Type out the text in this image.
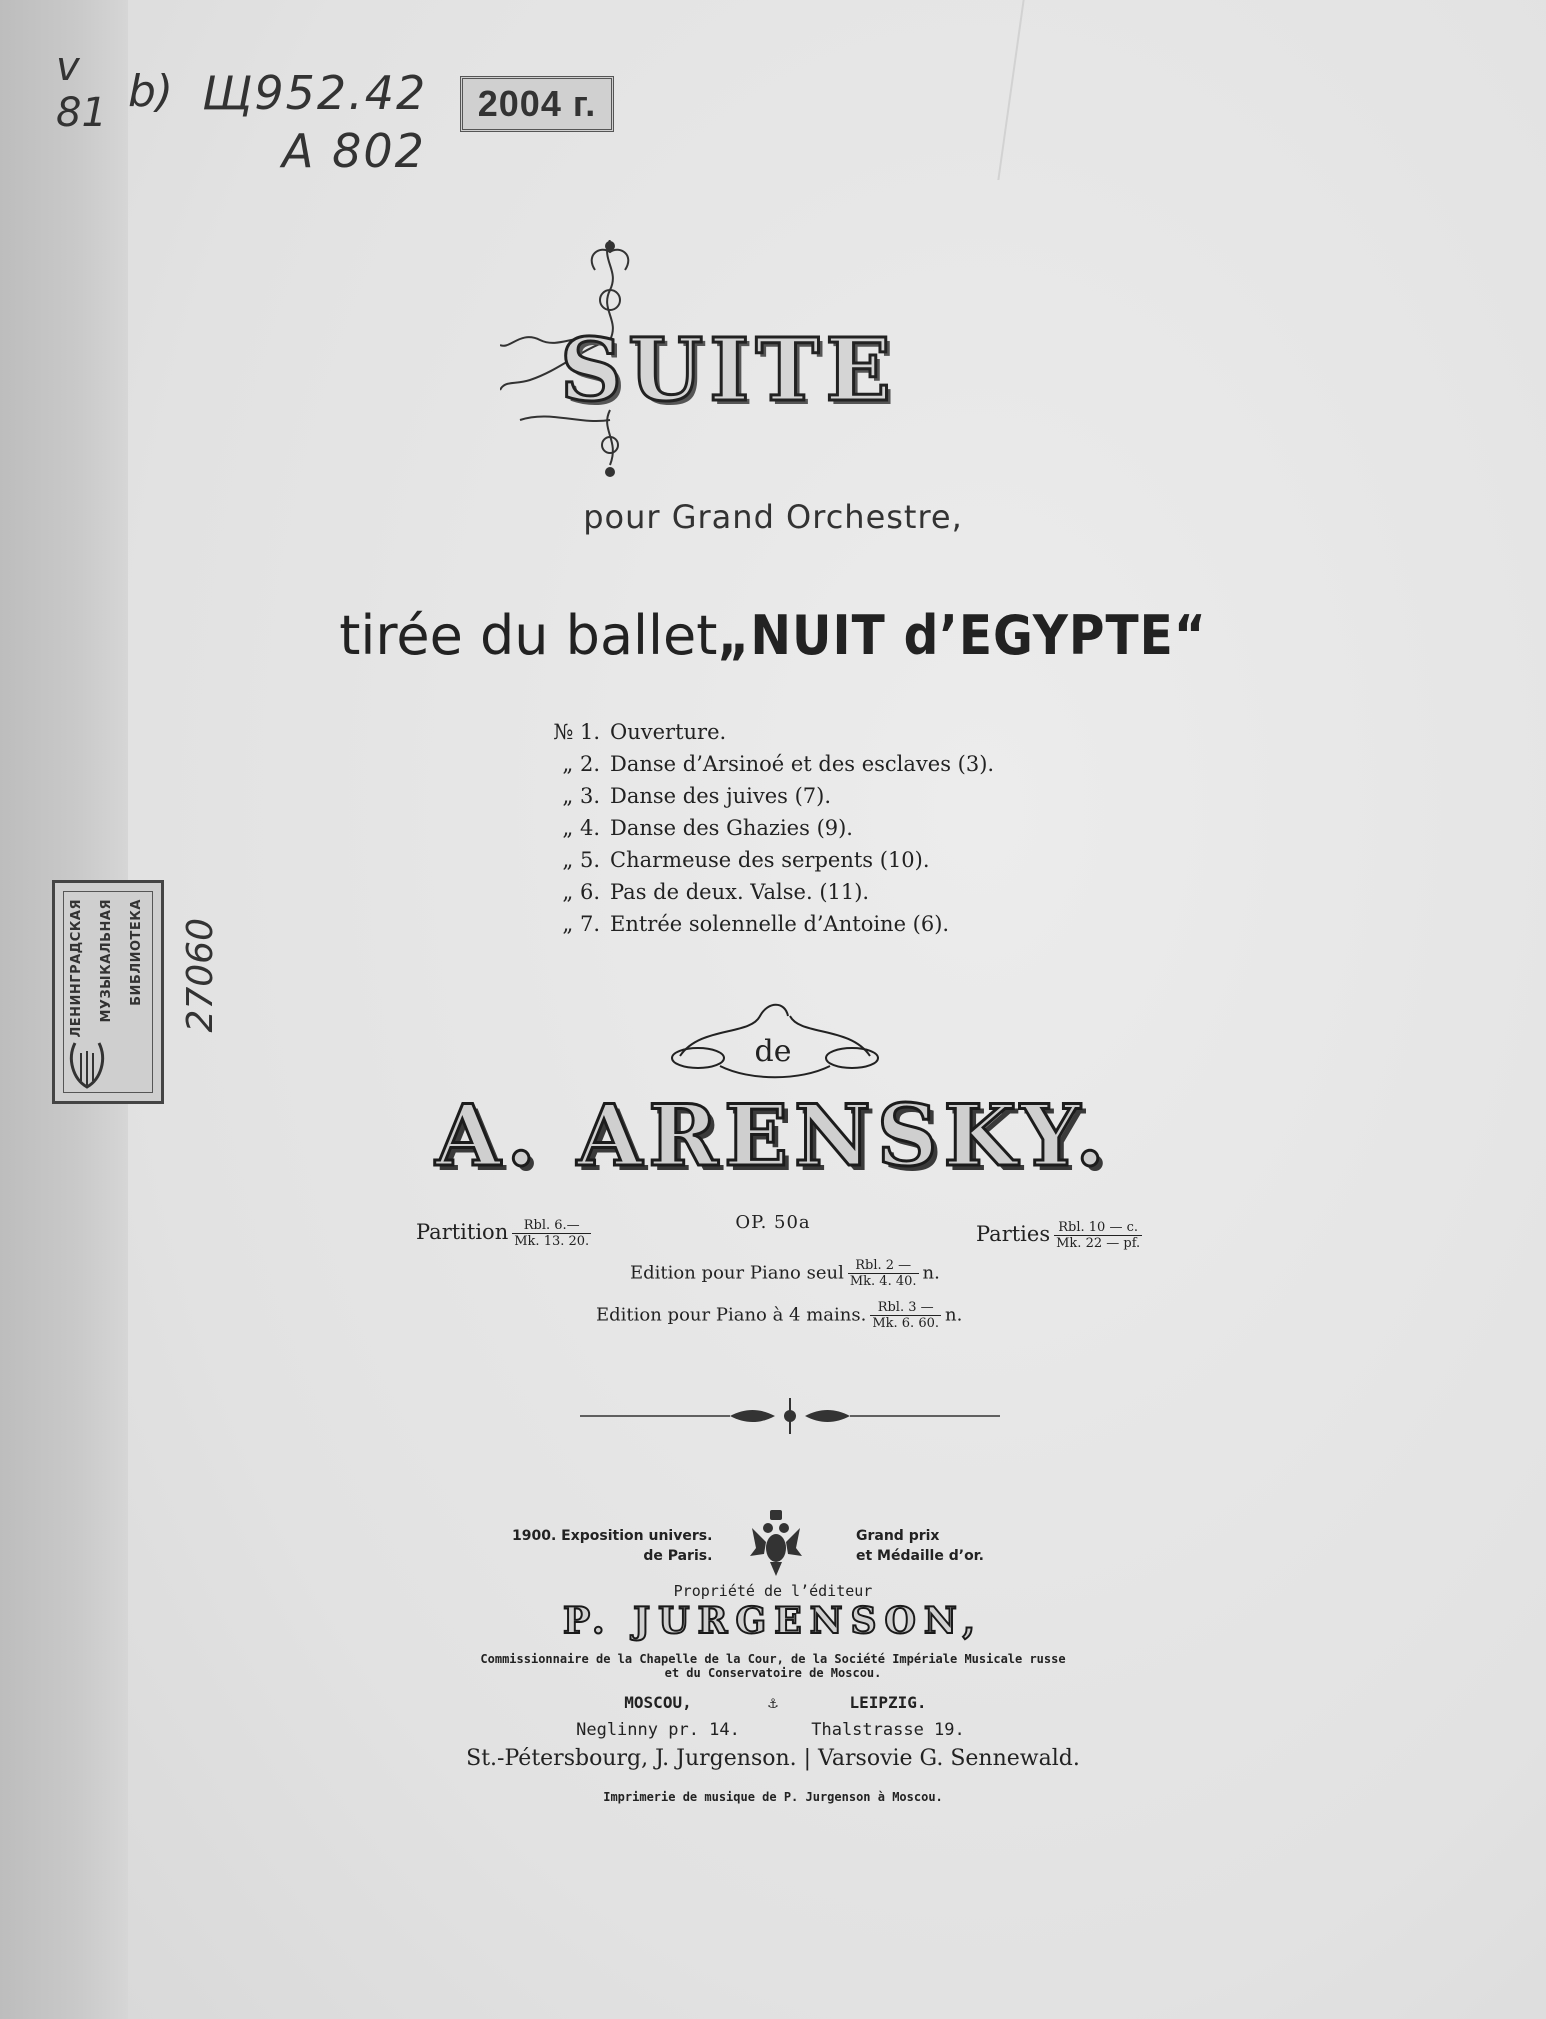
v
81 b) Щ952.42
A 802
2004 г.
SUITE
pour Grand Orchestre,
tirée du ballet„NUIT d’EGYPTE“
№ 1. Ouverture.
„ 2. Danse d’Arsinoé et des esclaves (3).
„ 3. Danse des juives (7).
„ 4. Danse des Ghazies (9).
„ 5. Charmeuse des serpents (10).
„ 6. Pas de deux. Valse. (11).
„ 7. Entrée solennelle d’Antoine (6).
ЛЕНИНГРАДСКАЯ МУЗЫКАЛЬНАЯ БИБЛИОТЕКА 27060
de
A. ARENSKY.
OP. 50a
Partition $\frac{\text{Rbl. 6.—}}{Mk. 13. 20.}$	Parties $\frac{\text{Rbl. 10 — c.}}{Mk. 22 — pf.}$
Edition pour Piano seul $\frac{\text{Rbl. 2 —}}{Mk. 4. 40.} n$.
Edition pour Piano à 4 mains. $\frac{\text{Rbl. 3 —}}{Mk. 6. 60.} n$.
1900. Exposition univers.
de Paris.
Grand prix
et Médaille d’or.
Propriété de l’éditeur
P. JURGENSON,
Commissionnaire de la Chapelle de la Cour, de la Société Impériale Musicale russe
et du Conservatoire de Moscou.
MOSCOU,	⚓	LEIPZIG.
Neglinny pr. 14.	Thalstrasse 19.
St.-Pétersbourg, J. Jurgenson. | Varsovie G. Sennewald.
Imprimerie de musique de P. Jurgenson à Moscou.
